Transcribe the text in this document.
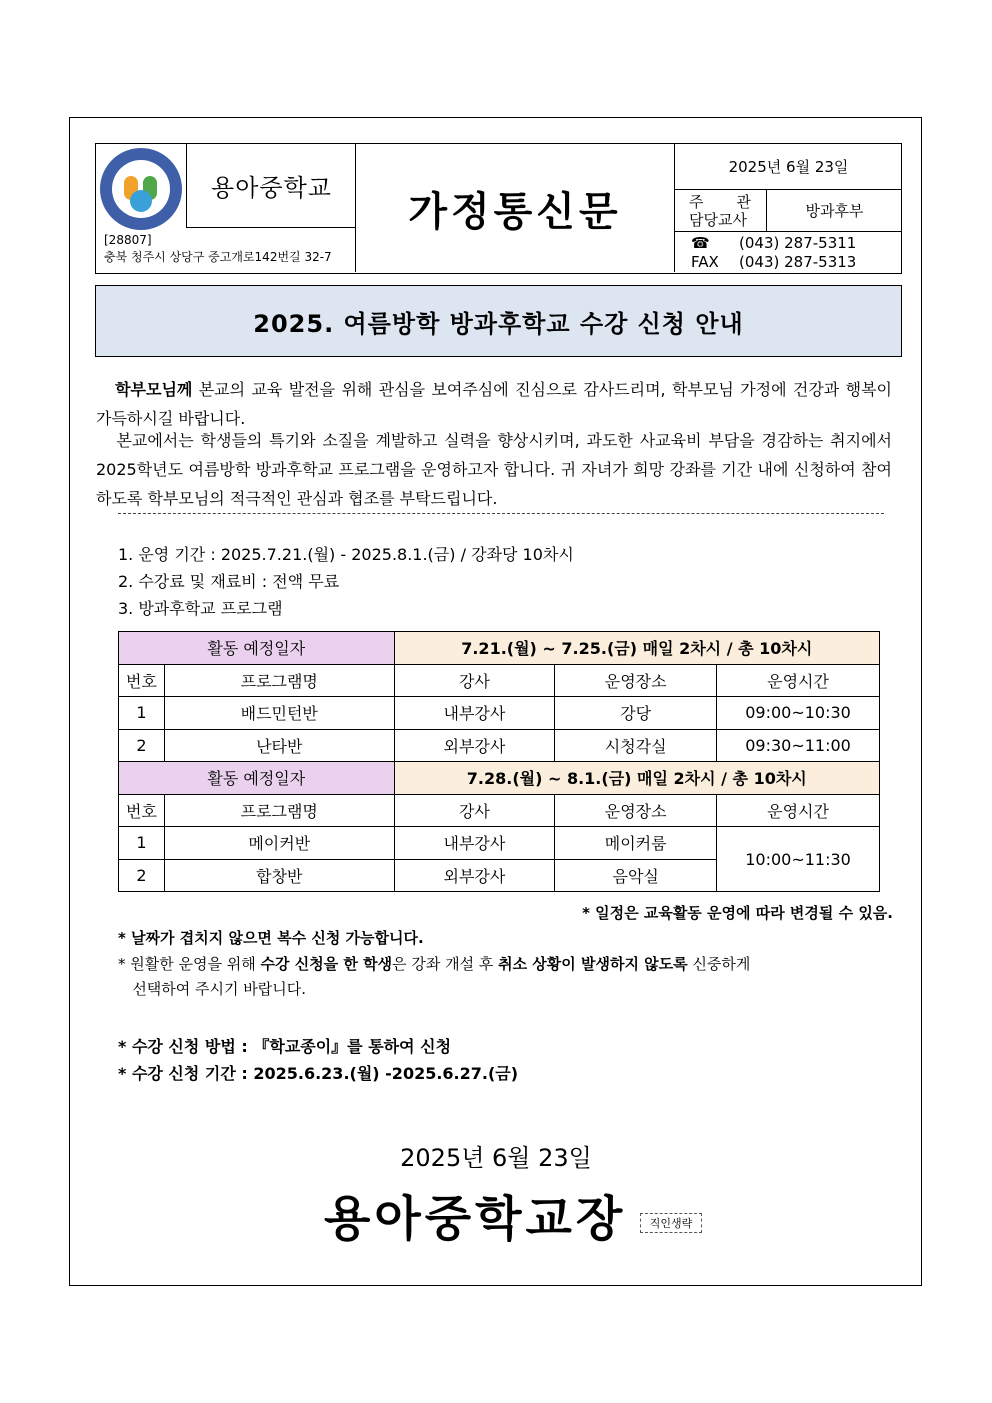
용아중학교
[28807]
충북 청주시 상당구 중고개로142번길 32-7
가정통신문
2025년 6월 23일
주 관
담당교사	방과후부
☎ (043) 287-5311
FAX (043) 287-5313
2025. 여름방학 방과후학교 수강 신청 안내
학부모님께 본교의 교육 발전을 위해 관심을 보여주심에 진심으로 감사드리며, 학부모님 가정에 건강과 행복이 가득하시길 바랍니다.
본교에서는 학생들의 특기와 소질을 계발하고 실력을 향상시키며, 과도한 사교육비 부담을 경감하는 취지에서 2025학년도 여름방학 방과후학교 프로그램을 운영하고자 합니다. 귀 자녀가 희망 강좌를 기간 내에 신청하여 참여하도록 학부모님의 적극적인 관심과 협조를 부탁드립니다.
1. 운영 기간 : 2025.7.21.(월) - 2025.8.1.(금) / 강좌당 10차시
2. 수강료 및 재료비 : 전액 무료
3. 방과후학교 프로그램
활동 예정일자		7.21.(월) ~ 7.25.(금) 매일 2차시 / 총 10차시		
번호	프로그램명	강사	운영장소	운영시간
1	배드민턴반	내부강사	강당	09:00~10:30
2	난타반	외부강사	시청각실	09:30~11:00
활동 예정일자		7.28.(월) ~ 8.1.(금) 매일 2차시 / 총 10차시		
번호	프로그램명	강사	운영장소	운영시간
1	메이커반	내부강사	메이커룸	10:00~11:30
2	합창반	외부강사	음악실	
* 일정은 교육활동 운영에 따라 변경될 수 있음.
* 날짜가 겹치지 않으면 복수 신청 가능합니다.
* 원활한 운영을 위해 수강 신청을 한 학생은 강좌 개설 후 취소 상황이 발생하지 않도록 신중하게
선택하여 주시기 바랍니다.
* 수강 신청 방법 : 『학교종이』를 통하여 신청
* 수강 신청 기간 : 2025.6.23.(월) -2025.6.27.(금)
2025년 6월 23일
용아중학교장	직인생략
